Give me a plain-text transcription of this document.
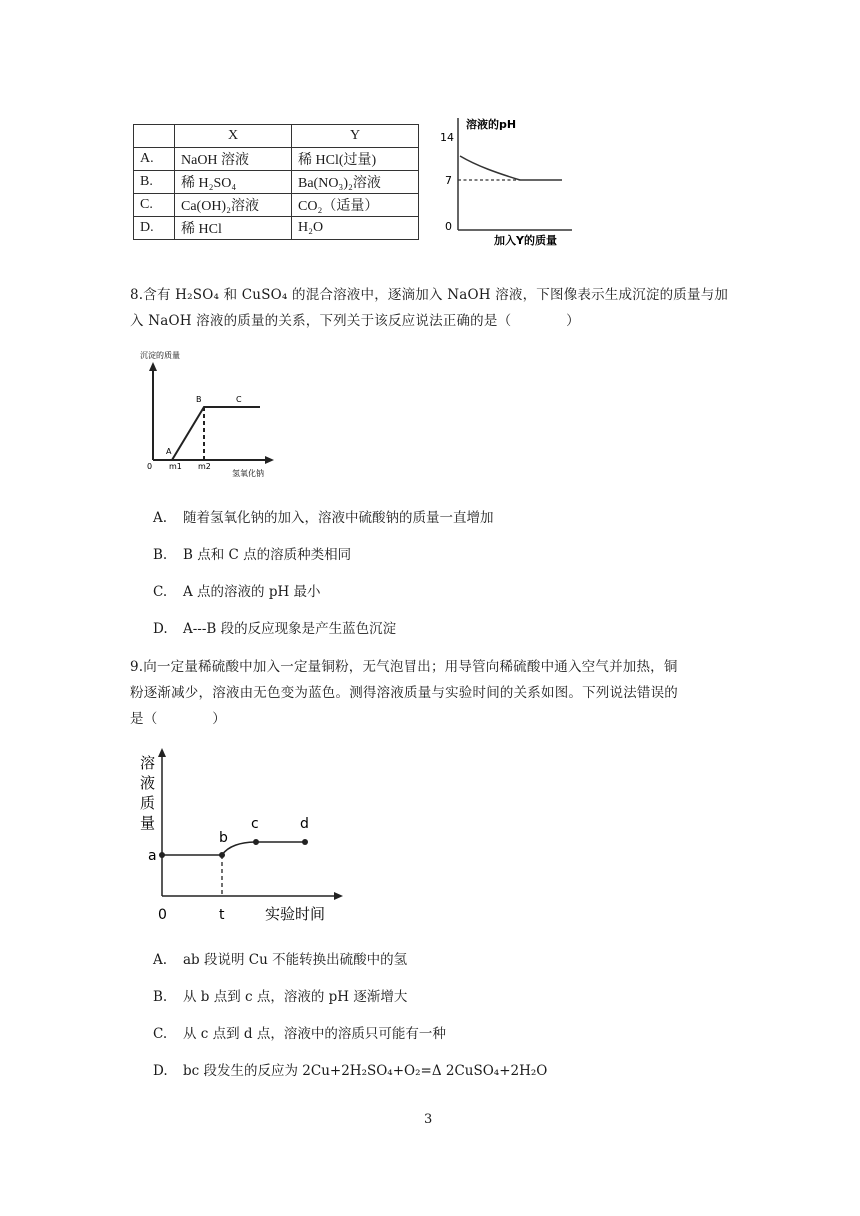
	X	Y
A.	NaOH 溶液	稀 HCl(过量)
B.	稀 H₂SO₄	Ba(NO₃)₂溶液
C.	Ca(OH)₂溶液	CO₂（适量）
D.	稀 HCl	H₂O
溶液的pH
14
7
0
加入Y的质量
8.含有 H₂SO₄ 和 CuSO₄ 的混合溶液中，逐滴加入 NaOH 溶液，下图像表示生成沉淀的质量与加
入 NaOH 溶液的质量的关系，下列关于该反应说法正确的是（　　　　）
沉淀的质量
A
B	C
0 m1 m2
氢氧化钠
A. 随着氢氧化钠的加入，溶液中硫酸钠的质量一直增加
B. B 点和 C 点的溶质种类相同
C. A 点的溶液的 pH 最小
D. A---B 段的反应现象是产生蓝色沉淀
9.向一定量稀硫酸中加入一定量铜粉，无气泡冒出；用导管向稀硫酸中通入空气并加热，铜
粉逐渐减少，溶液由无色变为蓝色。测得溶液质量与实验时间的关系如图。下列说法错误的
是（　　　　）
溶
液
质
量
a
b
c	d
0	t	实验时间
A. ab 段说明 Cu 不能转换出硫酸中的氢
B. 从 b 点到 c 点，溶液的 pH 逐渐增大
C. 从 c 点到 d 点，溶液中的溶质只可能有一种
D. bc 段发生的反应为 2Cu+2H₂SO₄+O₂=Δ 2CuSO₄+2H₂O
3
